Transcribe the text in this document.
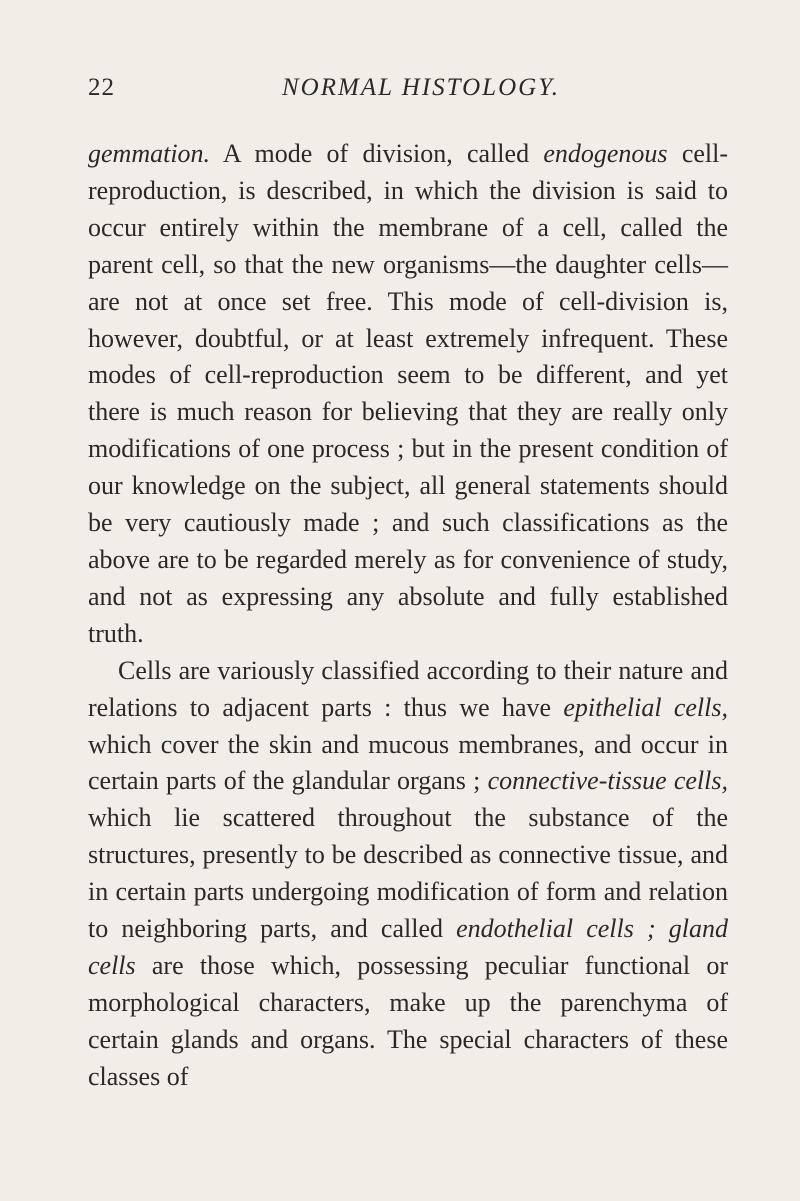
22	NORMAL HISTOLOGY.

gemmation. A mode of division, called endogenous cell-reproduction, is described, in which the division is said to occur entirely within the membrane of a cell, called the parent cell, so that the new organisms—the daughter cells—are not at once set free. This mode of cell-division is, however, doubtful, or at least extremely infrequent. These modes of cell-reproduction seem to be different, and yet there is much reason for believing that they are really only modifications of one process ; but in the present condition of our knowledge on the subject, all general statements should be very cautiously made ; and such classifications as the above are to be regarded merely as for convenience of study, and not as expressing any absolute and fully established truth.

Cells are variously classified according to their nature and relations to adjacent parts : thus we have epithelial cells, which cover the skin and mucous membranes, and occur in certain parts of the glandular organs ; connective-tissue cells, which lie scattered throughout the substance of the structures, presently to be described as connective tissue, and in certain parts undergoing modification of form and relation to neighboring parts, and called endothelial cells ; gland cells are those which, possessing peculiar functional or morphological characters, make up the parenchyma of certain glands and organs. The special characters of these classes of
